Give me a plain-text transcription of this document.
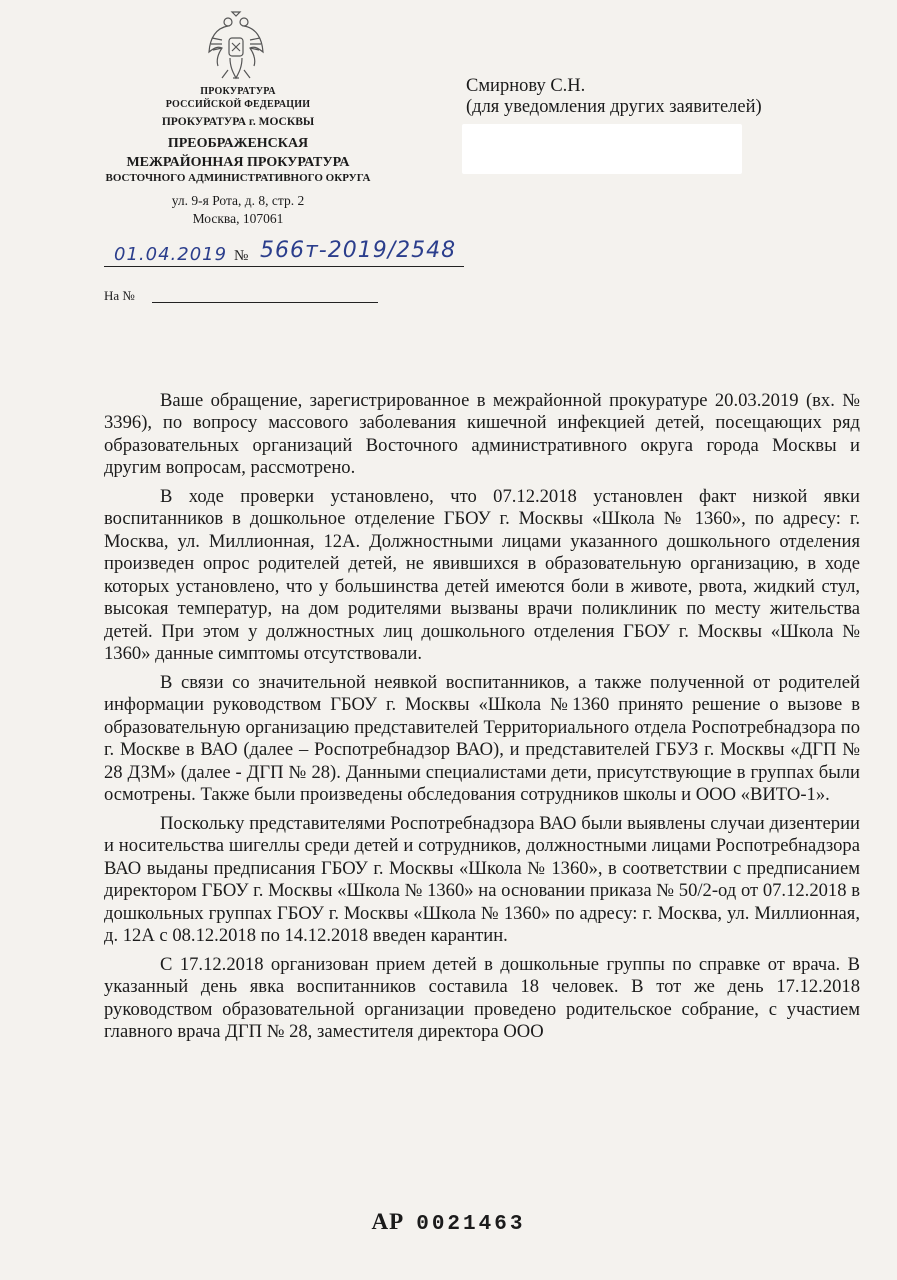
ПРОКУРАТУРА
РОССИЙСКОЙ ФЕДЕРАЦИИ
ПРОКУРАТУРА г. МОСКВЫ
ПРЕОБРАЖЕНСКАЯ
МЕЖРАЙОННАЯ ПРОКУРАТУРА
ВОСТОЧНОГО АДМИНИСТРАТИВНОГО ОКРУГА
ул. 9-я Рота, д. 8, стр. 2
Москва, 107061
01.04.2019 № 566т-2019/2548
На №
Смирнову С.Н.
(для уведомления других заявителей)

Ваше обращение, зарегистрированное в межрайонной прокуратуре 20.03.2019 (вх. № 3396), по вопросу массового заболевания кишечной инфекцией детей, посещающих ряд образовательных организаций Восточного административного округа города Москвы и другим вопросам, рассмотрено.

В ходе проверки установлено, что 07.12.2018 установлен факт низкой явки воспитанников в дошкольное отделение ГБОУ г. Москвы «Школа № 1360», по адресу: г. Москва, ул. Миллионная, 12А. Должностными лицами указанного дошкольного отделения произведен опрос родителей детей, не явившихся в образовательную организацию, в ходе которых установлено, что у большинства детей имеются боли в животе, рвота, жидкий стул, высокая температур, на дом родителями вызваны врачи поликлиник по месту жительства детей. При этом у должностных лиц дошкольного отделения ГБОУ г. Москвы «Школа № 1360» данные симптомы отсутствовали.

В связи со значительной неявкой воспитанников, а также полученной от родителей информации руководством ГБОУ г. Москвы «Школа №1360 принято решение о вызове в образовательную организацию представителей Территориального отдела Роспотребнадзора по г. Москве в ВАО (далее – Роспотребнадзор ВАО), и представителей ГБУЗ г. Москвы «ДГП № 28 ДЗМ» (далее - ДГП № 28). Данными специалистами дети, присутствующие в группах были осмотрены. Также были произведены обследования сотрудников школы и ООО «ВИТО-1».

Поскольку представителями Роспотребнадзора ВАО были выявлены случаи дизентерии и носительства шигеллы среди детей и сотрудников, должностными лицами Роспотребнадзора ВАО выданы предписания ГБОУ г. Москвы «Школа № 1360», в соответствии с предписанием директором ГБОУ г. Москвы «Школа № 1360» на основании приказа № 50/2-од от 07.12.2018 в дошкольных группах ГБОУ г. Москвы «Школа № 1360» по адресу: г. Москва, ул. Миллионная, д. 12А с 08.12.2018 по 14.12.2018 введен карантин.

С 17.12.2018 организован прием детей в дошкольные группы по справке от врача. В указанный день явка воспитанников составила 18 человек. В тот же день 17.12.2018 руководством образовательной организации проведено родительское собрание, с участием главного врача ДГП № 28, заместителя директора ООО

АР 0021463
